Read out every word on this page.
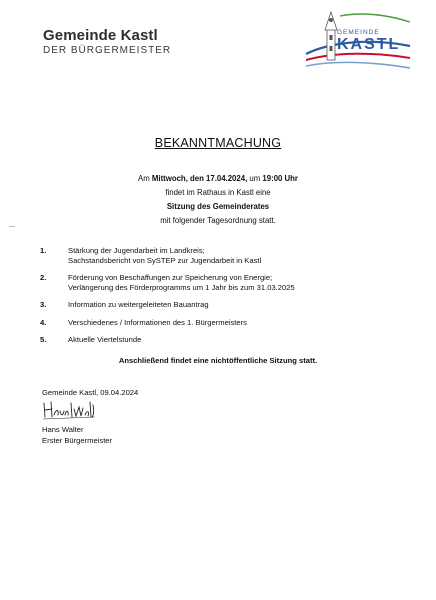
Gemeinde Kastl
DER BÜRGERMEISTER
GEMEINDE
KASTL
BEKANNTMACHUNG
Am Mittwoch, den 17.04.2024, um 19:00 Uhr
findet im Rathaus in Kastl eine
Sitzung des Gemeinderates
mit folgender Tagesordnung statt.
1.	Stärkung der Jugendarbeit im Landkreis;
Sachstandsbericht von SySTEP zur Jugendarbeit in Kastl
2.	Förderung von Beschaffungen zur Speicherung von Energie;
Verlängerung des Förderprogramms um 1 Jahr bis zum 31.03.2025
3.	Information zu weitergeleiteten Bauantrag
4.	Verschiedenes / Informationen des 1. Bürgermeisters
5.	Aktuelle Viertelstunde
Anschließend findet eine nichtöffentliche Sitzung statt.
Gemeinde Kastl, 09.04.2024
Hans Walter
Erster Bürgermeister
